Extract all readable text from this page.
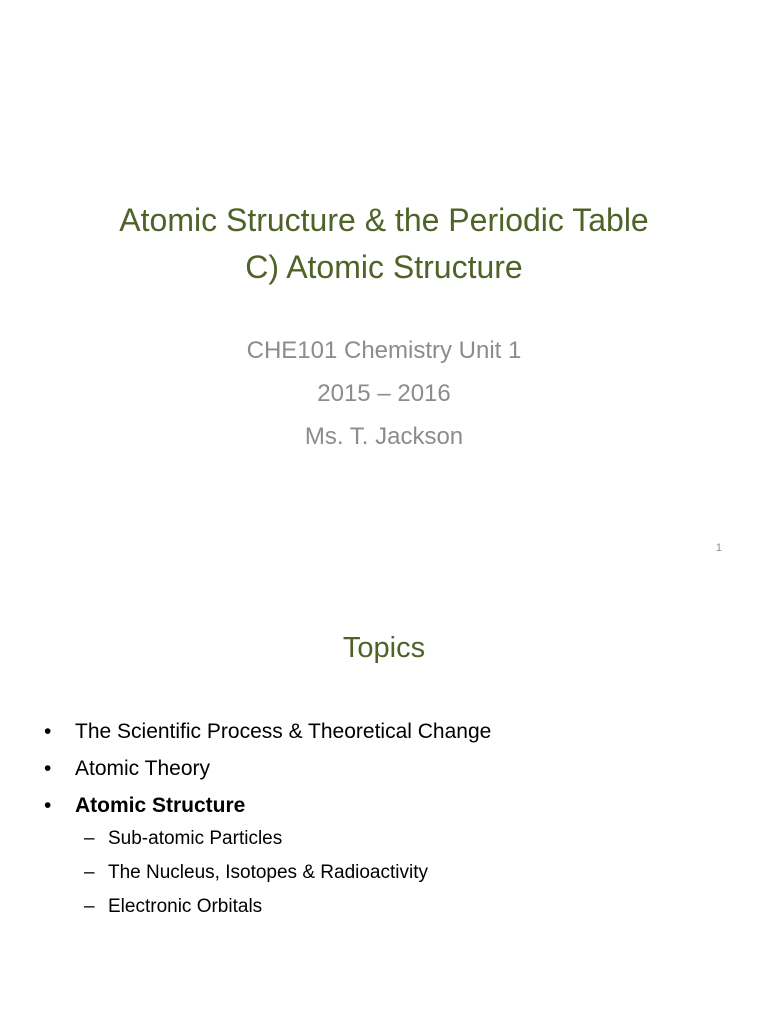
Atomic Structure & the Periodic Table
C) Atomic Structure
CHE101 Chemistry Unit 1
2015 – 2016
Ms. T. Jackson
1
Topics
• The Scientific Process & Theoretical Change
• Atomic Theory
• Atomic Structure
– Sub-atomic Particles
– The Nucleus, Isotopes & Radioactivity
– Electronic Orbitals
